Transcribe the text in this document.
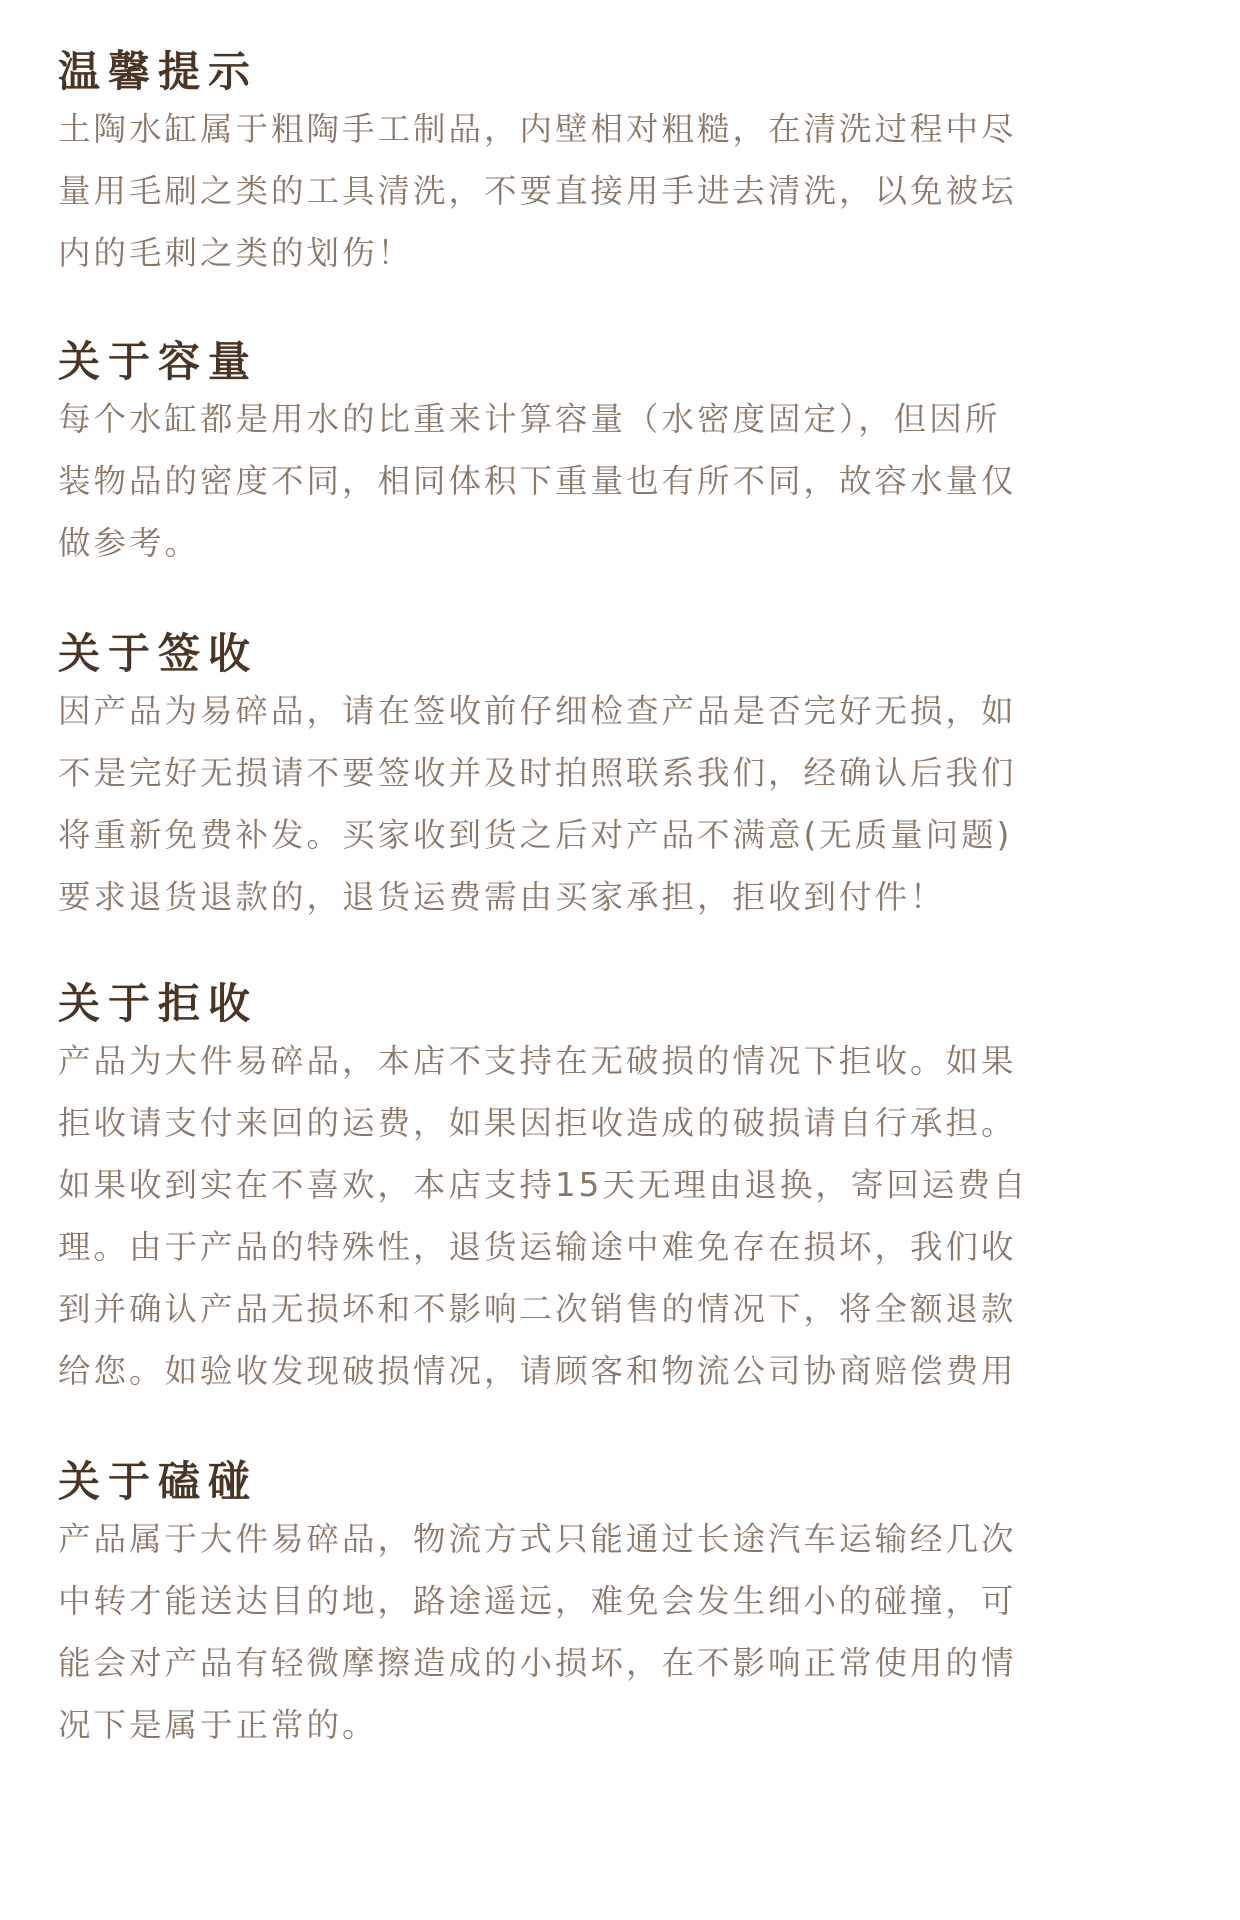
温馨提示

土陶水缸属于粗陶手工制品，内壁相对粗糙，在清洗过程中尽

量用毛刷之类的工具清洗，不要直接用手进去清洗，以免被坛

内的毛刺之类的划伤！

关于容量

每个水缸都是用水的比重来计算容量（水密度固定），但因所

装物品的密度不同，相同体积下重量也有所不同，故容水量仅

做参考。

关于签收

因产品为易碎品，请在签收前仔细检查产品是否完好无损，如

不是完好无损请不要签收并及时拍照联系我们，经确认后我们

将重新免费补发。买家收到货之后对产品不满意(无质量问题)

要求退货退款的，退货运费需由买家承担，拒收到付件！

关于拒收

产品为大件易碎品，本店不支持在无破损的情况下拒收。如果

拒收请支付来回的运费，如果因拒收造成的破损请自行承担。

如果收到实在不喜欢，本店支持15天无理由退换，寄回运费自

理。由于产品的特殊性，退货运输途中难免存在损坏，我们收

到并确认产品无损坏和不影响二次销售的情况下，将全额退款

给您。如验收发现破损情况，请顾客和物流公司协商赔偿费用

关于磕碰

产品属于大件易碎品，物流方式只能通过长途汽车运输经几次

中转才能送达目的地，路途遥远，难免会发生细小的碰撞，可

能会对产品有轻微摩擦造成的小损坏，在不影响正常使用的情

况下是属于正常的。
